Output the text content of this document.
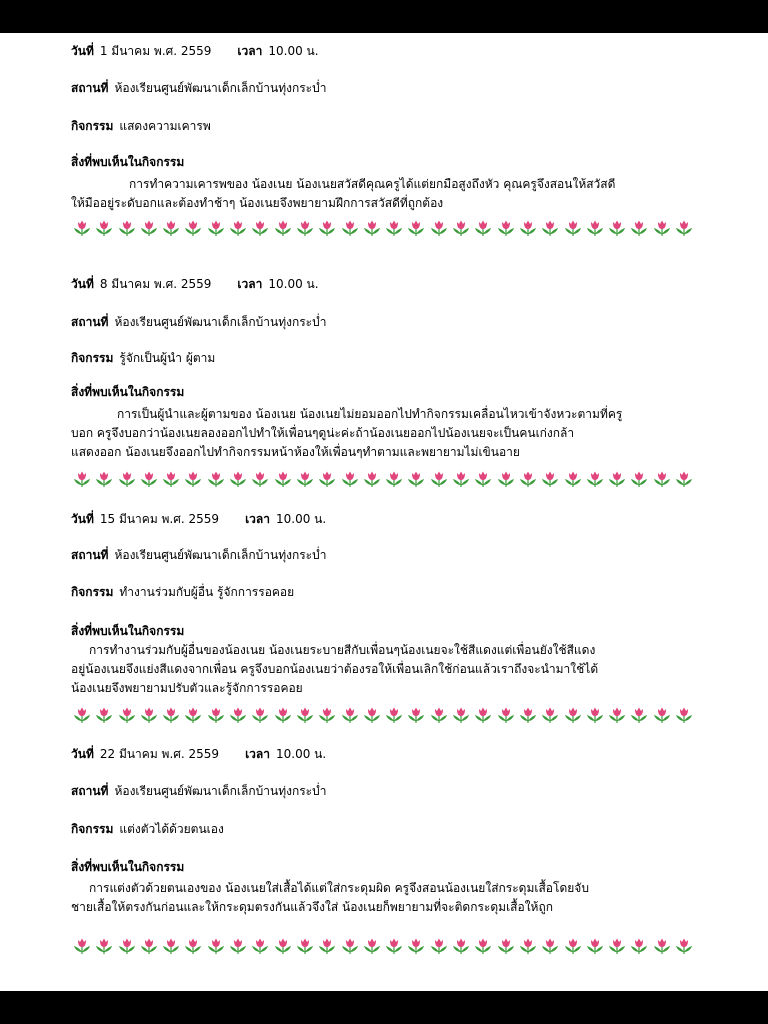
วันที่ 1 มีนาคม พ.ศ. 2559 เวลา 10.00 น.
สถานที่ ห้องเรียนศูนย์พัฒนาเด็กเล็กบ้านทุ่งกระบ่ำ
กิจกรรม แสดงความเคารพ
สิ่งที่พบเห็นในกิจกรรม

การทำความเคารพของ น้องเนย น้องเนยสวัสดีคุณครูได้แต่ยกมือสูงถึงหัว คุณครูจึงสอนให้สวัสดี

ให้มืออยู่ระดับอกและต้องทำช้าๆ น้องเนยจึงพยายามฝึกการสวัสดีที่ถูกต้อง

วันที่ 8 มีนาคม พ.ศ. 2559 เวลา 10.00 น.
สถานที่ ห้องเรียนศูนย์พัฒนาเด็กเล็กบ้านทุ่งกระบ่ำ
กิจกรรม รู้จักเป็นผู้นำ ผู้ตาม
สิ่งที่พบเห็นในกิจกรรม

การเป็นผู้นำและผู้ตามของ น้องเนย น้องเนยไม่ยอมออกไปทำกิจกรรมเคลื่อนไหวเข้าจังหวะตามที่ครู

บอก ครูจึงบอกว่าน้องเนยลองออกไปทำให้เพื่อนๆดูน่ะค่ะถ้าน้องเนยออกไปน้องเนยจะเป็นคนเก่งกล้า

แสดงออก น้องเนยจึงออกไปทำกิจกรรมหน้าห้องให้เพื่อนๆทำตามและพยายามไม่เขินอาย

วันที่ 15 มีนาคม พ.ศ. 2559 เวลา 10.00 น.
สถานที่ ห้องเรียนศูนย์พัฒนาเด็กเล็กบ้านทุ่งกระบ่ำ
กิจกรรม ทำงานร่วมกับผู้อื่น รู้จักการรอคอย
สิ่งที่พบเห็นในกิจกรรม

การทำงานร่วมกับผู้อื่นของน้องเนย น้องเนยระบายสีกับเพื่อนๆน้องเนยจะใช้สีแดงแต่เพื่อนยังใช้สีแดง

อยู่น้องเนยจึงแย่งสีแดงจากเพื่อน ครูจึงบอกน้องเนยว่าต้องรอให้เพื่อนเลิกใช้ก่อนแล้วเราถึงจะนำมาใช้ได้

น้องเนยจึงพยายามปรับตัวและรู้จักการรอคอย

วันที่ 22 มีนาคม พ.ศ. 2559 เวลา 10.00 น.
สถานที่ ห้องเรียนศูนย์พัฒนาเด็กเล็กบ้านทุ่งกระบ่ำ
กิจกรรม แต่งตัวได้ด้วยตนเอง
สิ่งที่พบเห็นในกิจกรรม

การแต่งตัวด้วยตนเองของ น้องเนยใส่เสื้อได้แต่ใส่กระดุมผิด ครูจึงสอนน้องเนยใส่กระดุมเสื้อโดยจับ

ชายเสื้อให้ตรงกันก่อนและให้กระดุมตรงกันแล้วจึงใส่ น้องเนยก็พยายามที่จะติดกระดุมเสื้อให้ถูก
